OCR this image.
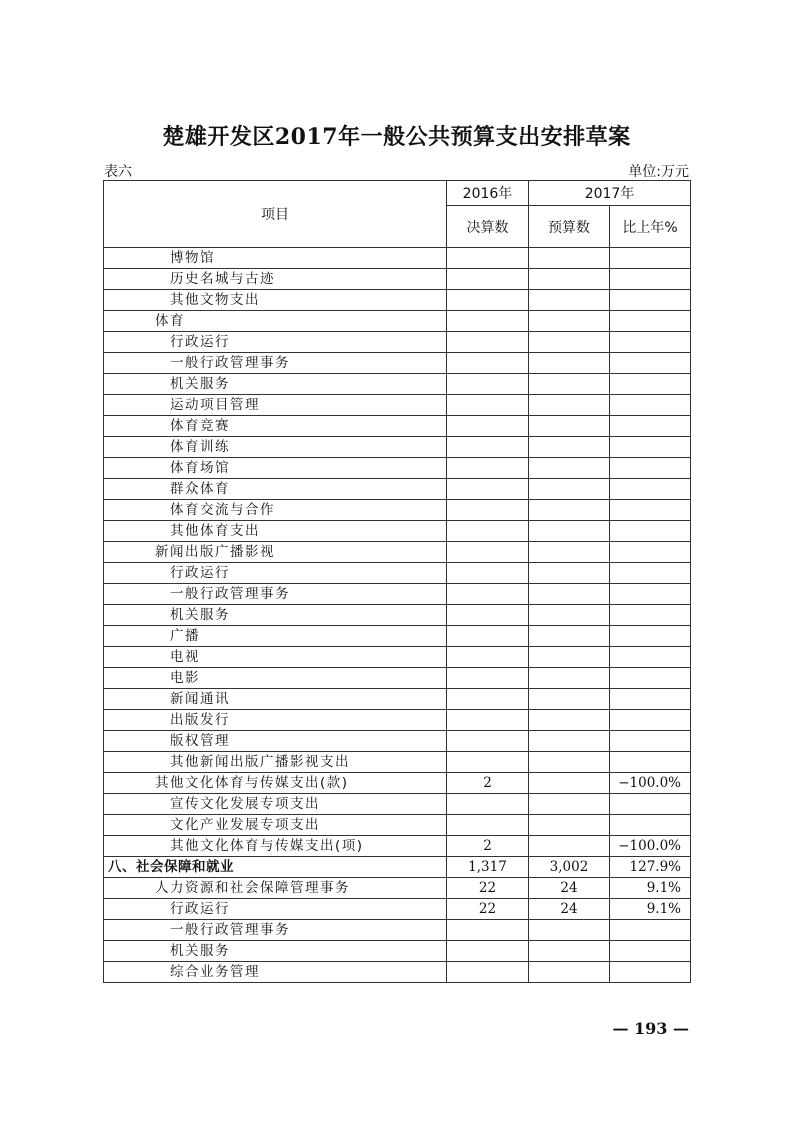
楚雄开发区2017年一般公共预算支出安排草案
表六	单位:万元
项目	2016年	2017年	
	决算数	预算数	比上年%
博物馆			
历史名城与古迹			
其他文物支出			
体育			
行政运行			
一般行政管理事务			
机关服务			
运动项目管理			
体育竞赛			
体育训练			
体育场馆			
群众体育			
体育交流与合作			
其他体育支出			
新闻出版广播影视			
行政运行			
一般行政管理事务			
机关服务			
广播			
电视			
电影			
新闻通讯			
出版发行			
版权管理			
其他新闻出版广播影视支出			
其他文化体育与传媒支出(款)	2		−100.0%
宣传文化发展专项支出			
文化产业发展专项支出			
其他文化体育与传媒支出(项)	2		−100.0%
八、社会保障和就业	1,317	3,002	127.9%
人力资源和社会保障管理事务	22	24	9.1%
行政运行	22	24	9.1%
一般行政管理事务			
机关服务			
综合业务管理			
— 193 —
